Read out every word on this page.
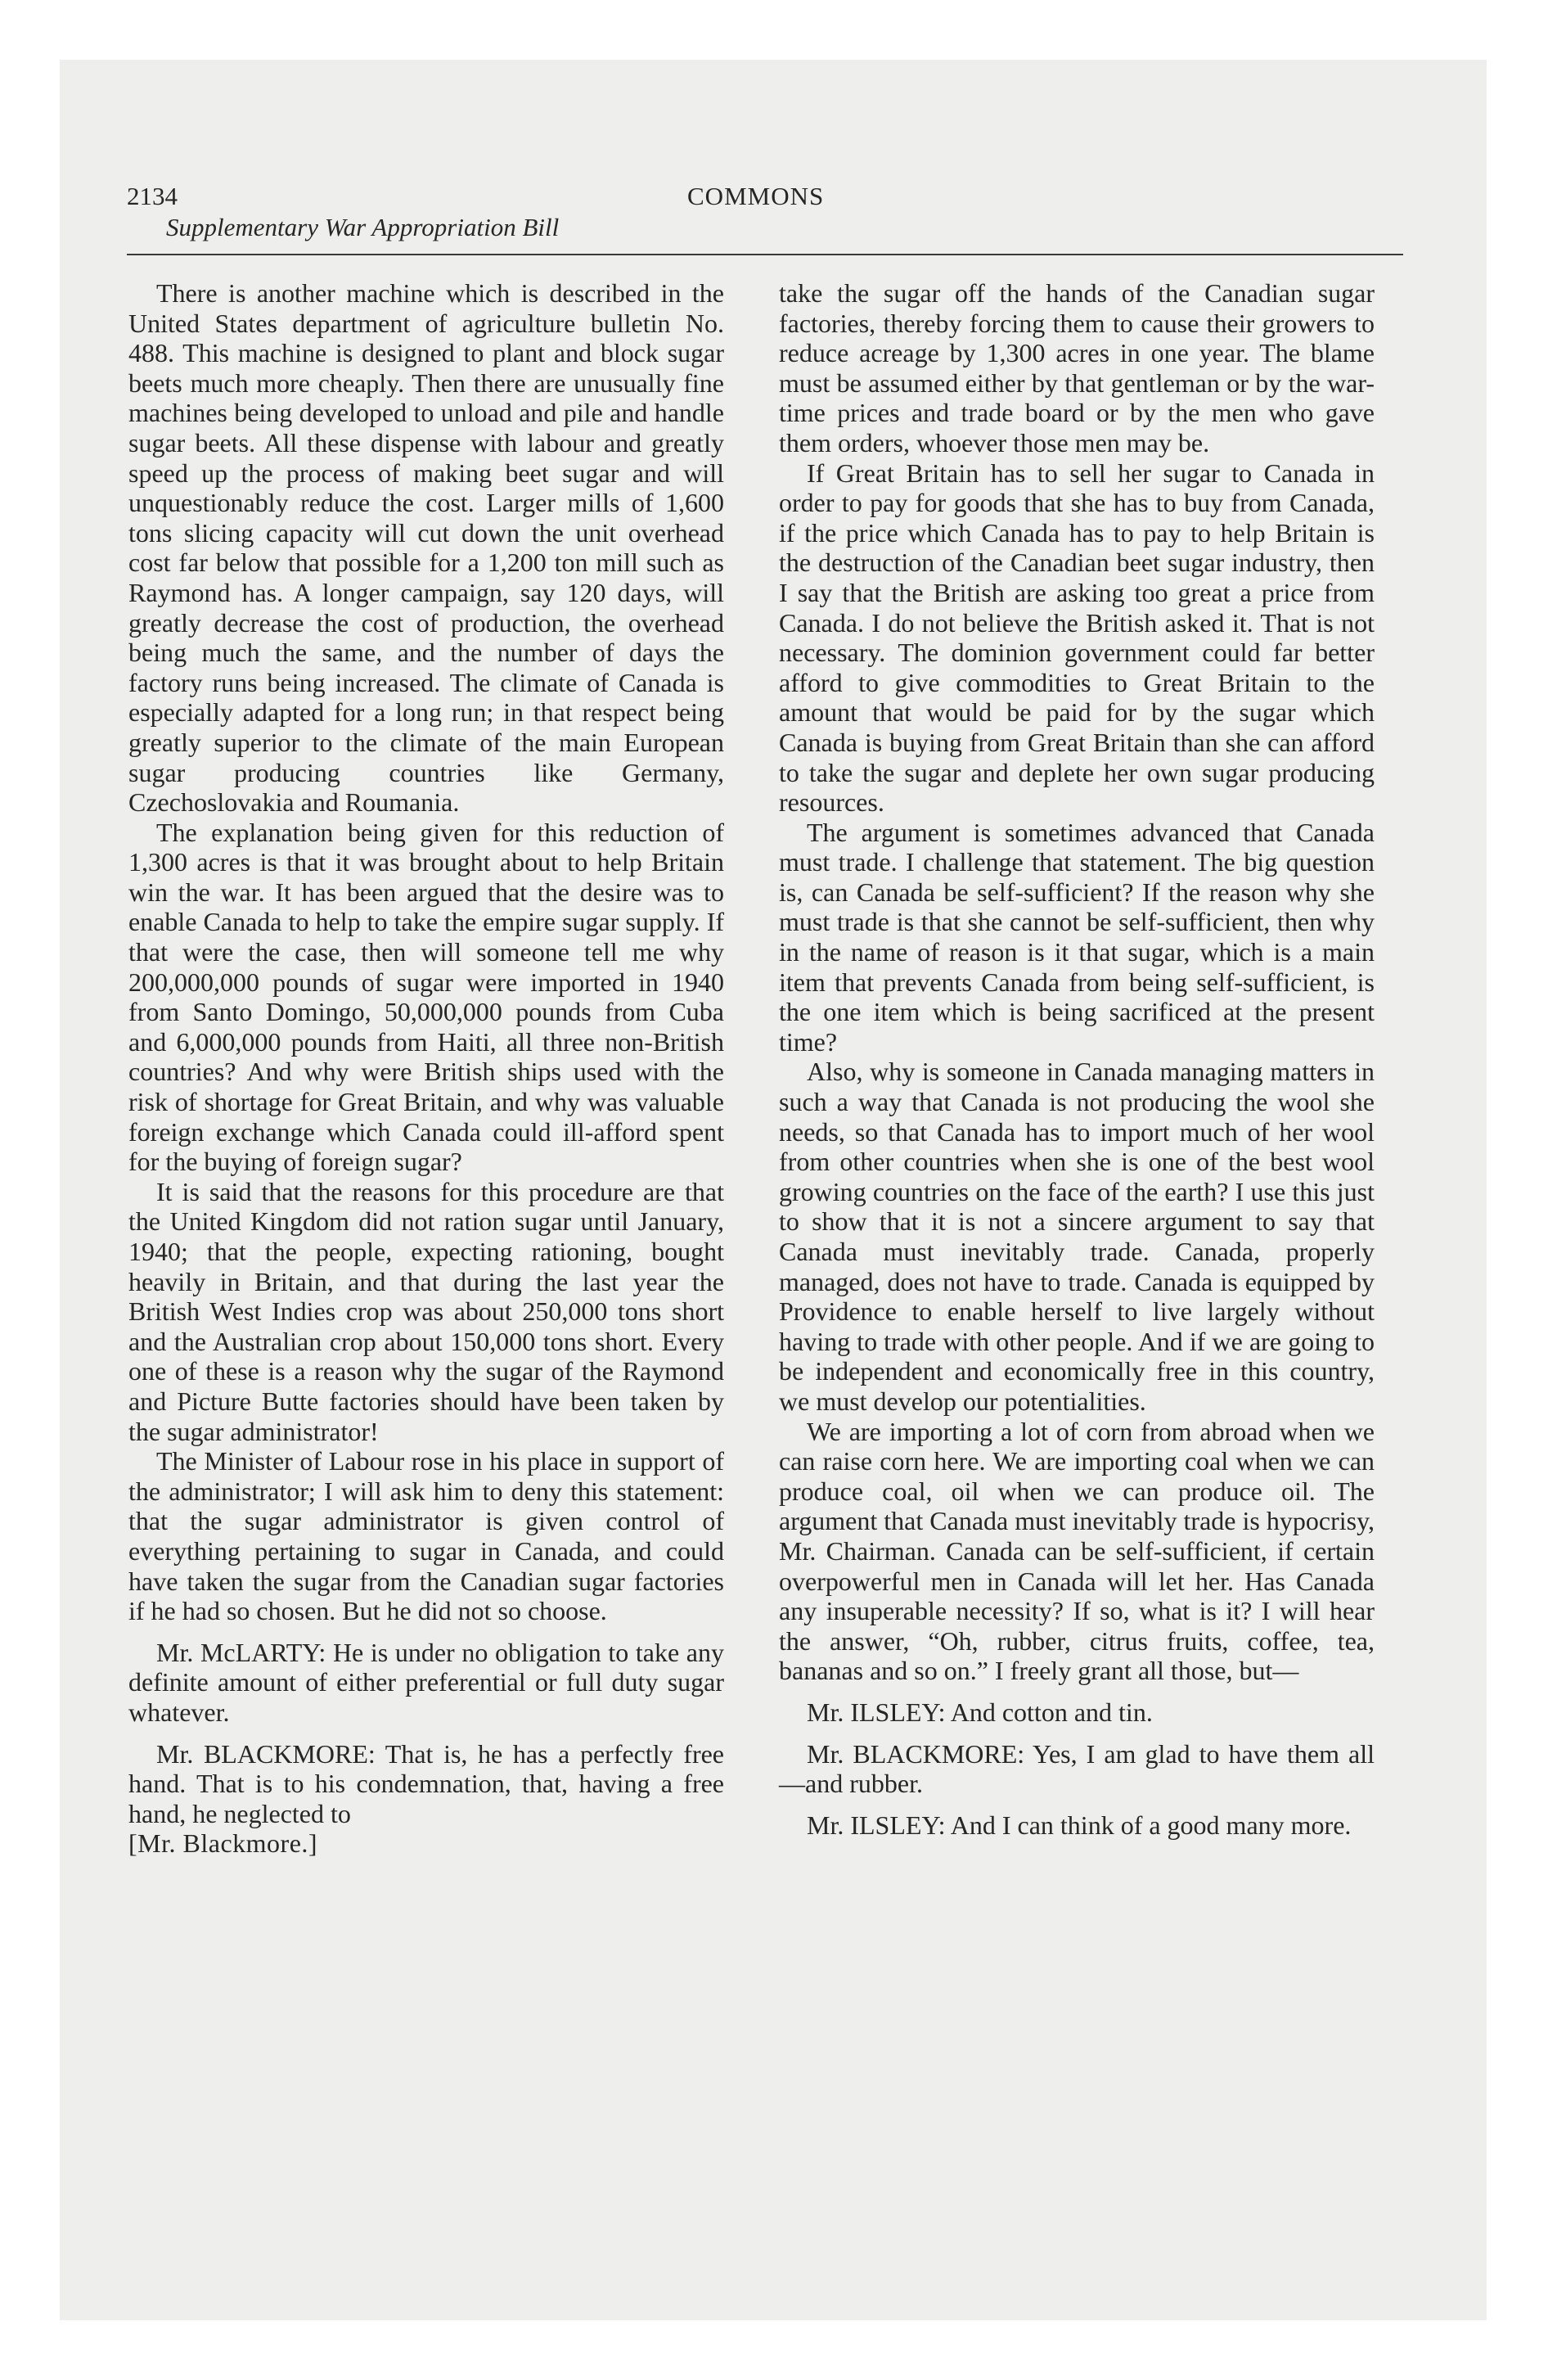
2134	COMMONS
Supplementary War Appropriation Bill

There is another machine which is described in the United States department of agriculture bulletin No. 488. This machine is designed to plant and block sugar beets much more cheaply. Then there are unusually fine machines being developed to unload and pile and handle sugar beets. All these dispense with labour and greatly speed up the process of making beet sugar and will unquestionably reduce the cost. Larger mills of 1,600 tons slicing capacity will cut down the unit overhead cost far below that possible for a 1,200 ton mill such as Raymond has. A longer campaign, say 120 days, will greatly decrease the cost of production, the overhead being much the same, and the number of days the factory runs being increased. The climate of Canada is especially adapted for a long run; in that respect being greatly superior to the climate of the main European sugar producing countries like Germany, Czechoslovakia and Roumania.

The explanation being given for this reduction of 1,300 acres is that it was brought about to help Britain win the war. It has been argued that the desire was to enable Canada to help to take the empire sugar supply. If that were the case, then will someone tell me why 200,000,000 pounds of sugar were imported in 1940 from Santo Domingo, 50,000,000 pounds from Cuba and 6,000,000 pounds from Haiti, all three non-British countries? And why were British ships used with the risk of shortage for Great Britain, and why was valuable foreign exchange which Canada could ill-afford spent for the buying of foreign sugar?

It is said that the reasons for this procedure are that the United Kingdom did not ration sugar until January, 1940; that the people, expecting rationing, bought heavily in Britain, and that during the last year the British West Indies crop was about 250,000 tons short and the Australian crop about 150,000 tons short. Every one of these is a reason why the sugar of the Raymond and Picture Butte factories should have been taken by the sugar administrator!

The Minister of Labour rose in his place in support of the administrator; I will ask him to deny this statement: that the sugar administrator is given control of everything pertaining to sugar in Canada, and could have taken the sugar from the Canadian sugar factories if he had so chosen. But he did not so choose.

Mr. McLARTY: He is under no obligation to take any definite amount of either preferential or full duty sugar whatever.

Mr. BLACKMORE: That is, he has a perfectly free hand. That is to his condemnation, that, having a free hand, he neglected to

[Mr. Blackmore.]

take the sugar off the hands of the Canadian sugar factories, thereby forcing them to cause their growers to reduce acreage by 1,300 acres in one year. The blame must be assumed either by that gentleman or by the war-time prices and trade board or by the men who gave them orders, whoever those men may be.

If Great Britain has to sell her sugar to Canada in order to pay for goods that she has to buy from Canada, if the price which Canada has to pay to help Britain is the destruction of the Canadian beet sugar industry, then I say that the British are asking too great a price from Canada. I do not believe the British asked it. That is not necessary. The dominion government could far better afford to give commodities to Great Britain to the amount that would be paid for by the sugar which Canada is buying from Great Britain than she can afford to take the sugar and deplete her own sugar producing resources.

The argument is sometimes advanced that Canada must trade. I challenge that statement. The big question is, can Canada be self-sufficient? If the reason why she must trade is that she cannot be self-sufficient, then why in the name of reason is it that sugar, which is a main item that prevents Canada from being self-sufficient, is the one item which is being sacrificed at the present time?

Also, why is someone in Canada managing matters in such a way that Canada is not producing the wool she needs, so that Canada has to import much of her wool from other countries when she is one of the best wool growing countries on the face of the earth? I use this just to show that it is not a sincere argument to say that Canada must inevitably trade. Canada, properly managed, does not have to trade. Canada is equipped by Providence to enable herself to live largely without having to trade with other people. And if we are going to be independent and economically free in this country, we must develop our potentialities.

We are importing a lot of corn from abroad when we can raise corn here. We are importing coal when we can produce coal, oil when we can produce oil. The argument that Canada must inevitably trade is hypocrisy, Mr. Chairman. Canada can be self-sufficient, if certain overpowerful men in Canada will let her. Has Canada any insuperable necessity? If so, what is it? I will hear the answer, “Oh, rubber, citrus fruits, coffee, tea, bananas and so on.” I freely grant all those, but—

Mr. ILSLEY: And cotton and tin.

Mr. BLACKMORE: Yes, I am glad to have them all—and rubber.

Mr. ILSLEY: And I can think of a good many more.
